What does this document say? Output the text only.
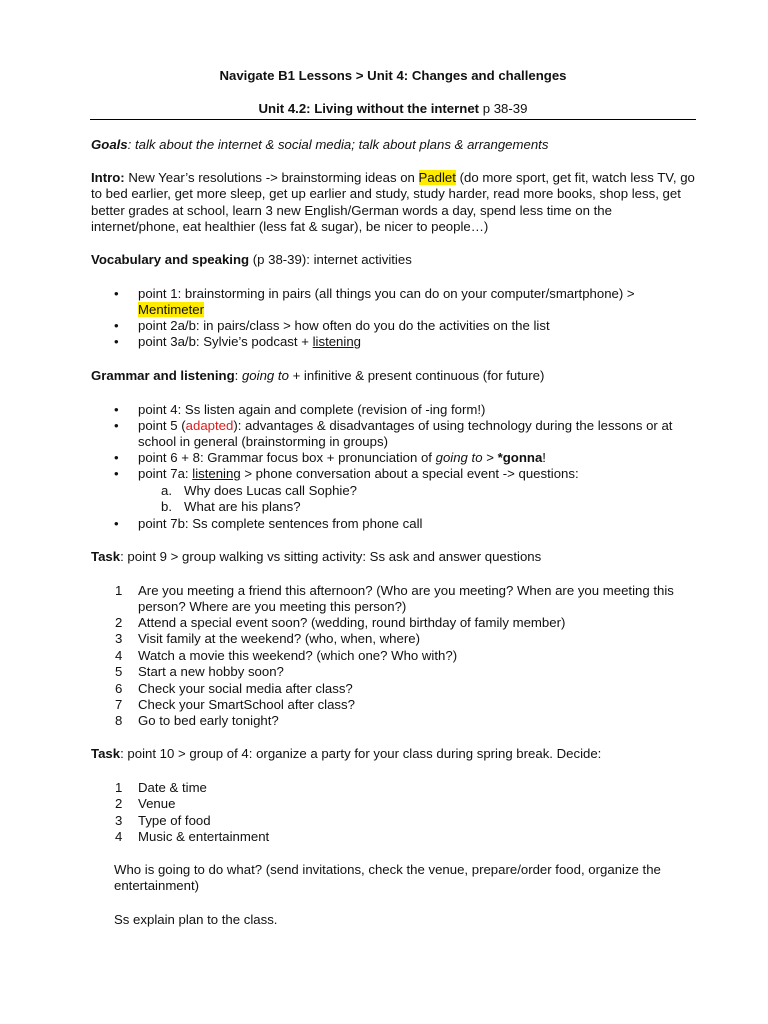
Navigate B1 Lessons > Unit 4: Changes and challenges
Unit 4.2: Living without the internet p 38-39
Goals: talk about the internet & social media; talk about plans & arrangements
Intro: New Year’s resolutions -> brainstorming ideas on Padlet (do more sport, get fit, watch less TV, go to bed earlier, get more sleep, get up earlier and study, study harder, read more books, shop less, get better grades at school, learn 3 new English/German words a day, spend less time on the internet/phone, eat healthier (less fat & sugar), be nicer to people…)
Vocabulary and speaking (p 38-39): internet activities
• point 1: brainstorming in pairs (all things you can do on your computer/smartphone) >
Mentimeter
• point 2a/b: in pairs/class > how often do you do the activities on the list
• point 3a/b: Sylvie’s podcast + listening
Grammar and listening: going to + infinitive & present continuous (for future)
• point 4: Ss listen again and complete (revision of -ing form!)
• point 5 (adapted): advantages & disadvantages of using technology during the lessons or at school in general (brainstorming in groups)
• point 6 + 8: Grammar focus box + pronunciation of going to > *gonna!
• point 7a: listening > phone conversation about a special event -> questions:
a. Why does Lucas call Sophie?
b. What are his plans?
• point 7b: Ss complete sentences from phone call
Task: point 9 > group walking vs sitting activity: Ss ask and answer questions
1 Are you meeting a friend this afternoon? (Who are you meeting? When are you meeting this person? Where are you meeting this person?)
2 Attend a special event soon? (wedding, round birthday of family member)
3 Visit family at the weekend? (who, when, where)
4 Watch a movie this weekend? (which one? Who with?)
5 Start a new hobby soon?
6 Check your social media after class?
7 Check your SmartSchool after class?
8 Go to bed early tonight?
Task: point 10 > group of 4: organize a party for your class during spring break. Decide:
1 Date & time
2 Venue
3 Type of food
4 Music & entertainment
Who is going to do what? (send invitations, check the venue, prepare/order food, organize the entertainment)
Ss explain plan to the class.
